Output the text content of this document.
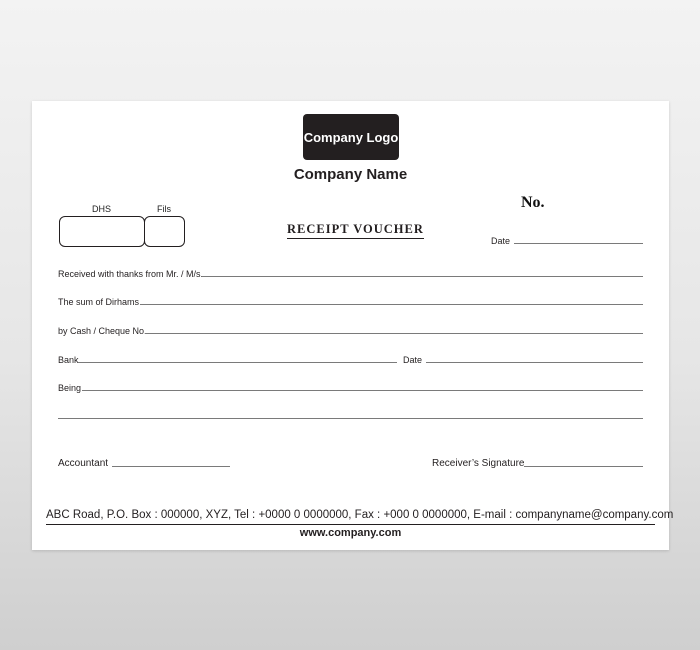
Company Logo
Company Name
No.
DHS	Fils
RECEIPT VOUCHER
Date
Received with thanks from Mr. / M/s.
The sum of Dirhams
by Cash / Cheque No.
Bank	Date
Being
Accountant	Receiver’s Signature
ABC Road, P.O. Box : 000000, XYZ, Tel : +0000 0 0000000, Fax : +000 0 0000000, E-mail : companyname@company.com
www.company.com
